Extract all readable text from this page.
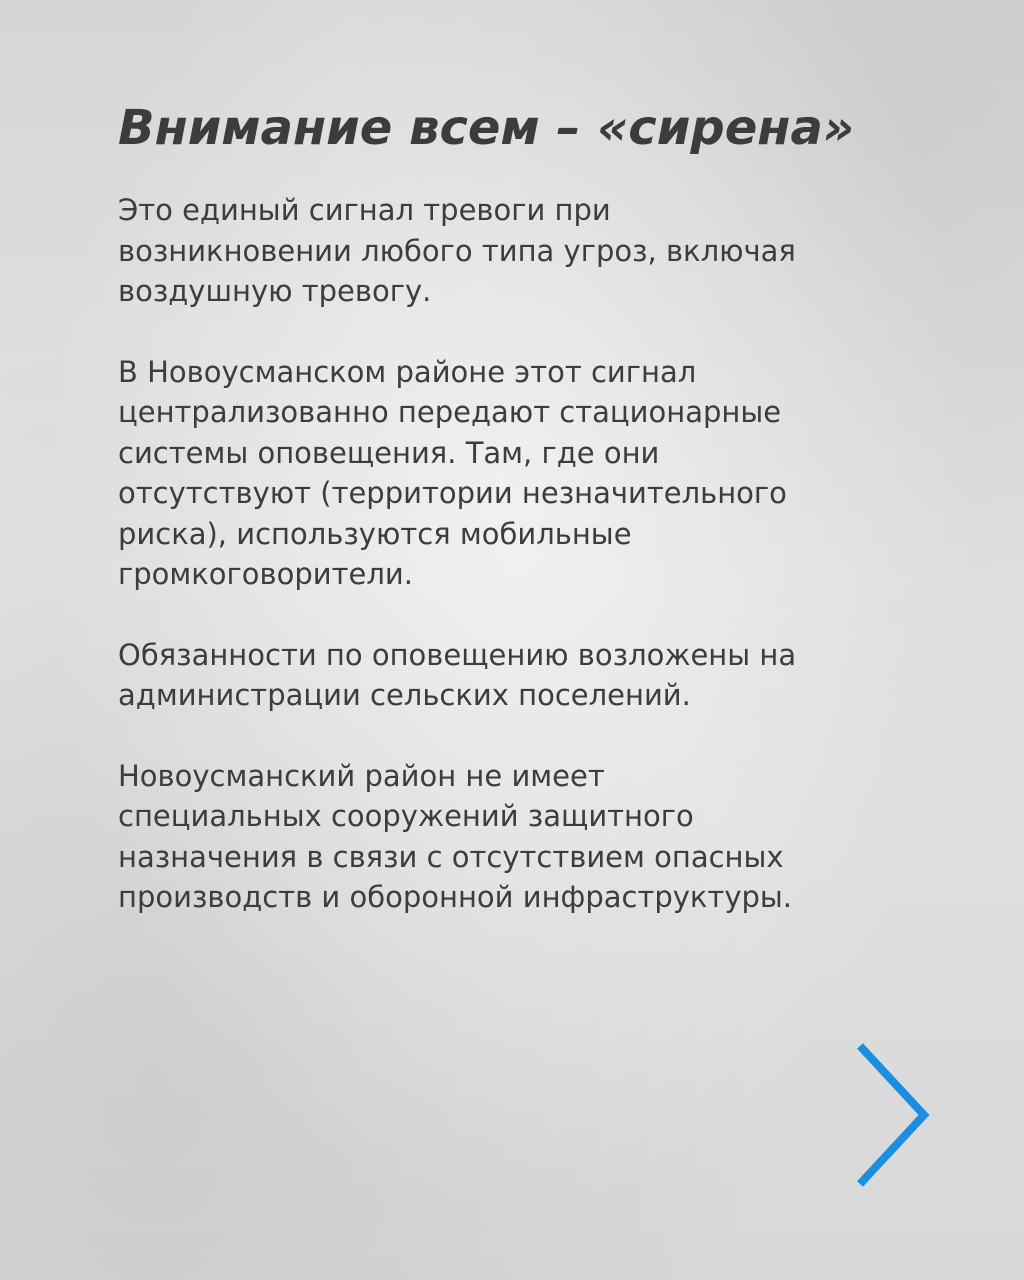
Внимание всем – «сирена»

Это единый сигнал тревоги при
возникновении любого типа угроз, включая
воздушную тревогу.

В Новоусманском районе этот сигнал
централизованно передают стационарные
системы оповещения. Там, где они
отсутствуют (территории незначительного
риска), используются мобильные
громкоговорители.

Обязанности по оповещению возложены на
администрации сельских поселений.

Новоусманский район не имеет
специальных сооружений защитного
назначения в связи с отсутствием опасных
производств и оборонной инфраструктуры.
